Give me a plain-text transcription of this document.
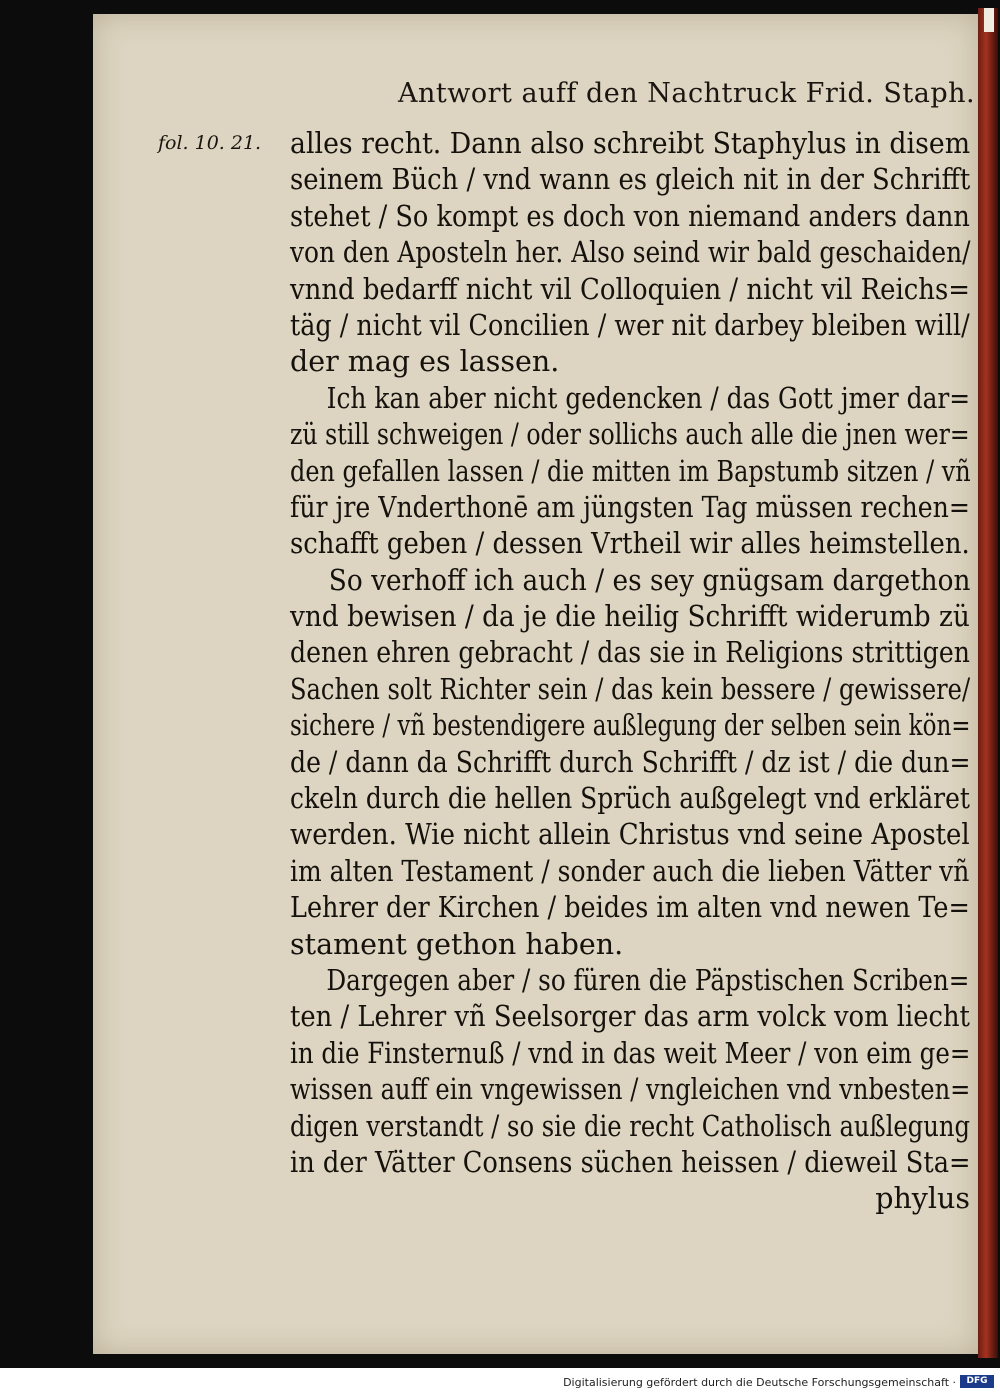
Antwort auff den Nachtruck Frid. Staph.
fol. 10. 21. alles recht. Dann also schreibt Staphylus in disem
seinem Büch / vnd wann es gleich nit in der Schrifft
stehet / So kompt es doch von niemand anders dann
von den Aposteln her. Also seind wir bald geschaiden/
vnnd bedarff nicht vil Colloquien / nicht vil Reichs=
täg / nicht vil Concilien / wer nit darbey bleiben will/
der mag es lassen.
Ich kan aber nicht gedencken / das Gott jmer dar=
zü still schweigen / oder sollichs auch alle die jnen wer=
den gefallen lassen / die mitten im Bapstumb sitzen / vñ
für jre Vnderthonē am jüngsten Tag müssen rechen=
schafft geben / dessen Vrtheil wir alles heimstellen.
So verhoff ich auch / es sey gnügsam dargethon
vnd bewisen / da je die heilig Schrifft widerumb zü
denen ehren gebracht / das sie in Religions strittigen
Sachen solt Richter sein / das kein bessere / gewissere/
sichere / vñ bestendigere außlegung der selben sein kön=
de / dann da Schrifft durch Schrifft / dz ist / die dun=
ckeln durch die hellen Sprüch außgelegt vnd erkläret
werden. Wie nicht allein Christus vnd seine Apostel
im alten Testament / sonder auch die lieben Vätter vñ
Lehrer der Kirchen / beides im alten vnd newen Te=
stament gethon haben.
Dargegen aber / so füren die Päpstischen Scriben=
ten / Lehrer vñ Seelsorger das arm volck vom liecht
in die Finsternuß / vnd in das weit Meer / von eim ge=
wissen auff ein vngewissen / vngleichen vnd vnbesten=
digen verstandt / so sie die recht Catholisch außlegung
in der Vätter Consens süchen heissen / dieweil Sta=
phylus
Digitalisierung gefördert durch die Deutsche Forschungsgemeinschaft ·	DFG
